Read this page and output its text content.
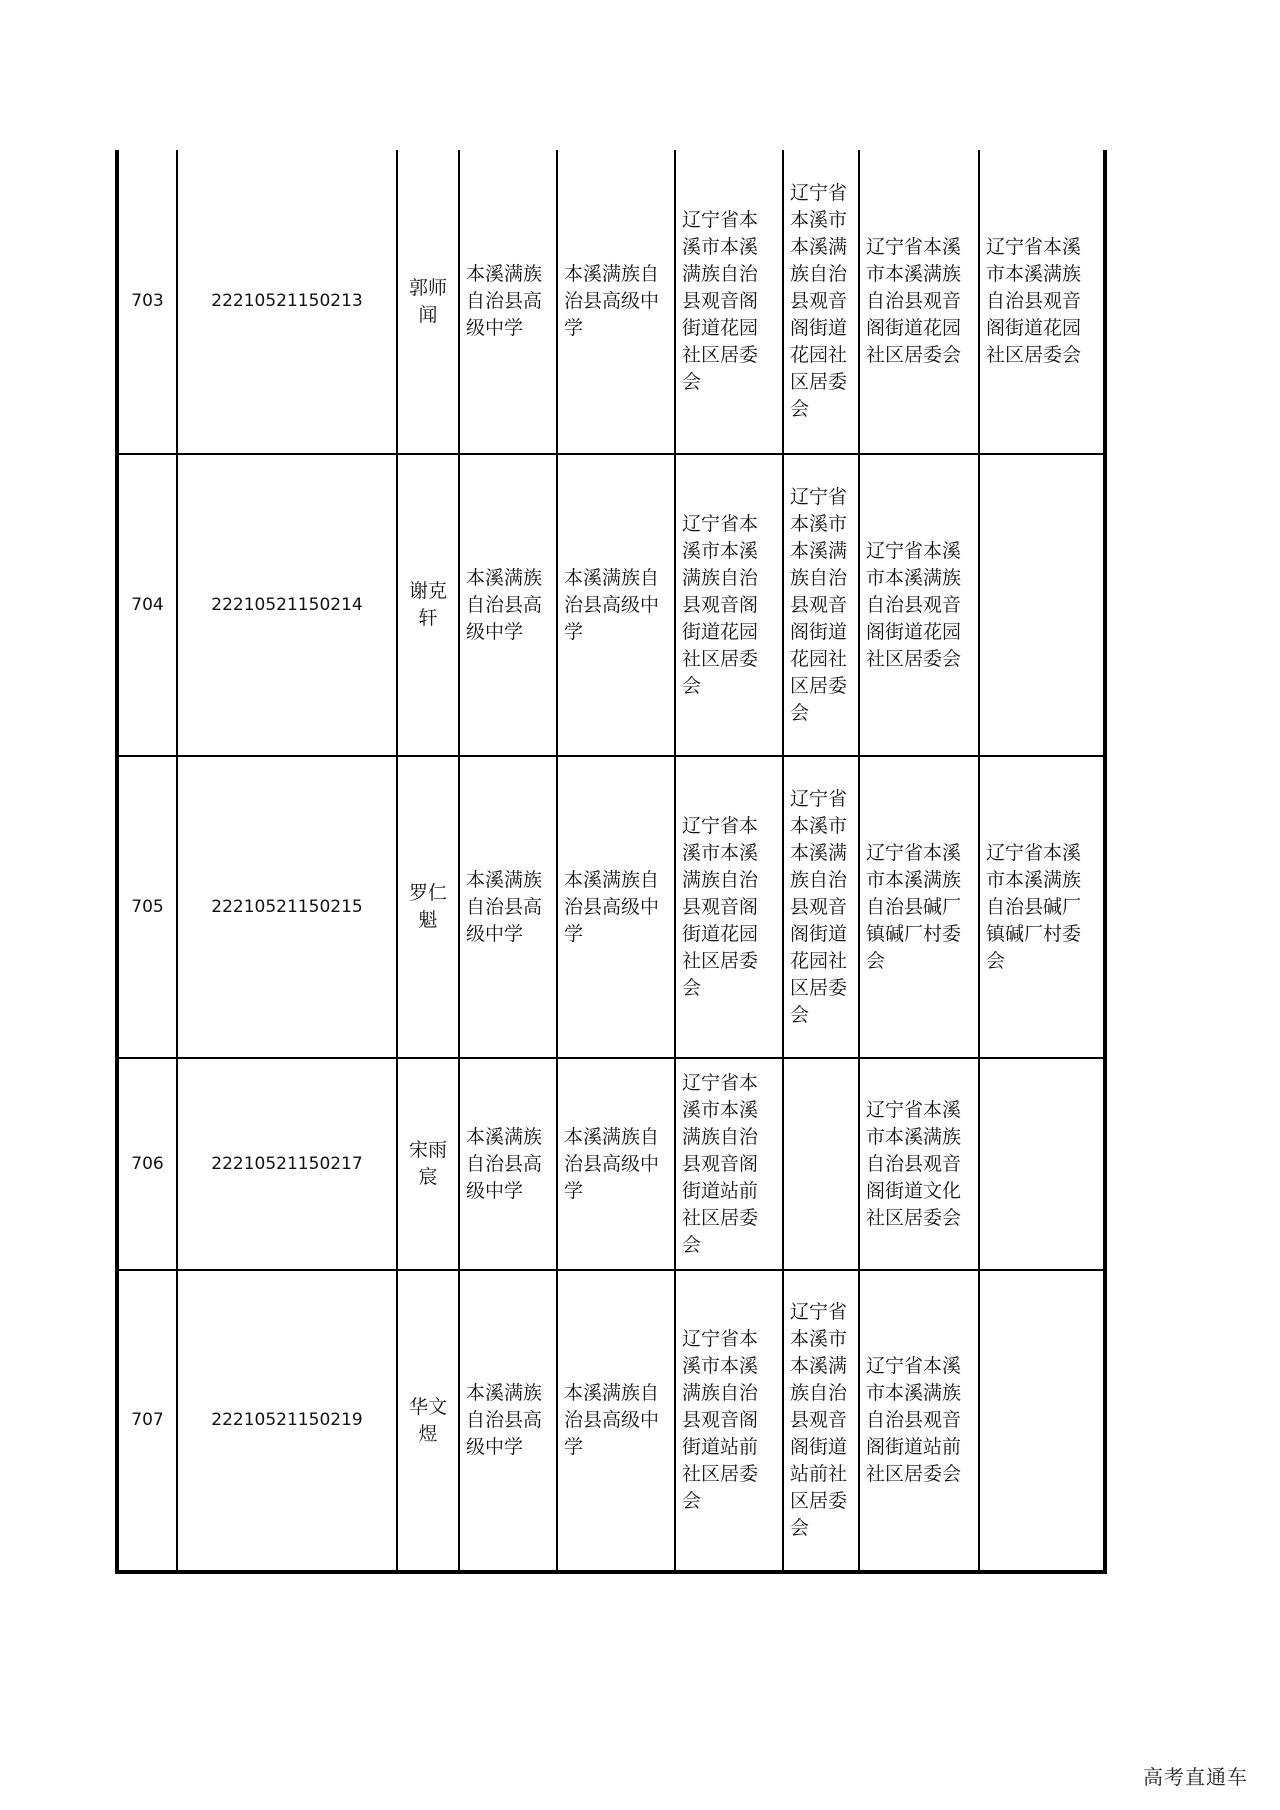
703	22210521150213	郭师闻	本溪满族自治县高级中学	本溪满族自治县高级中学	辽宁省本溪市本溪满族自治县观音阁街道花园社区居委会	辽宁省本溪市本溪满族自治县观音阁街道花园社区居委会	辽宁省本溪市本溪满族自治县观音阁街道花园社区居委会	辽宁省本溪市本溪满族自治县观音阁街道花园社区居委会
704	22210521150214	谢克轩	本溪满族自治县高级中学	本溪满族自治县高级中学	辽宁省本溪市本溪满族自治县观音阁街道花园社区居委会	辽宁省本溪市本溪满族自治县观音阁街道花园社区居委会	辽宁省本溪市本溪满族自治县观音阁街道花园社区居委会	
705	22210521150215	罗仁魁	本溪满族自治县高级中学	本溪满族自治县高级中学	辽宁省本溪市本溪满族自治县观音阁街道花园社区居委会	辽宁省本溪市本溪满族自治县观音阁街道花园社区居委会	辽宁省本溪市本溪满族自治县碱厂镇碱厂村委会	辽宁省本溪市本溪满族自治县碱厂镇碱厂村委会
706	22210521150217	宋雨宸	本溪满族自治县高级中学	本溪满族自治县高级中学	辽宁省本溪市本溪满族自治县观音阁街道站前社区居委会		辽宁省本溪市本溪满族自治县观音阁街道文化社区居委会	
707	22210521150219	华文煜	本溪满族自治县高级中学	本溪满族自治县高级中学	辽宁省本溪市本溪满族自治县观音阁街道站前社区居委会	辽宁省本溪市本溪满族自治县观音阁街道站前社区居委会	辽宁省本溪市本溪满族自治县观音阁街道站前社区居委会	
高考直通车
